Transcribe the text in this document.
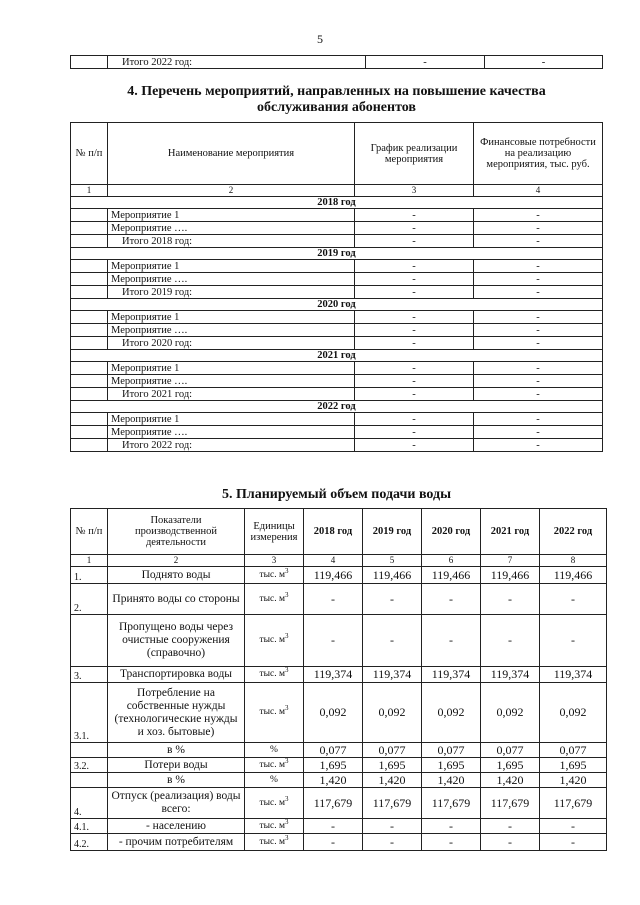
5
	Итого 2022 год:	-	-
4. Перечень мероприятий, направленных на повышение качества
обслуживания абонентов
№ п/п	Наименование мероприятия	График реализации мероприятия	Финансовые потребности на реализацию мероприятия, тыс. руб.
1	2	3	4
2018 год			
	Мероприятие 1	-	-
	Мероприятие ….	-	-
	Итого 2018 год:	-	-
2019 год			
	Мероприятие 1	-	-
	Мероприятие ….	-	-
	Итого 2019 год:	-	-
2020 год			
	Мероприятие 1	-	-
	Мероприятие ….	-	-
	Итого 2020 год:	-	-
2021 год			
	Мероприятие 1	-	-
	Мероприятие ….	-	-
	Итого 2021 год:	-	-
2022 год			
	Мероприятие 1	-	-
	Мероприятие ….	-	-
	Итого 2022 год:	-	-
5. Планируемый объем подачи воды
№ п/п	Показатели производственной деятельности	Единицы измерения	2018 год	2019 год	2020 год	2021 год	2022 год
1	2	3	4	5	6	7	8
1.	Поднято воды	тыс. $м^3$	119,466	119,466	119,466	119,466	119,466
2.	Принято воды со стороны	тыс. $м^3$	-	-	-	-	-
	Пропущено воды через очистные сооружения (справочно)	тыс. $м^3$	-	-	-	-	-
3.	Транспортировка воды	тыс. $м^3$	119,374	119,374	119,374	119,374	119,374
3.1.	Потребление на собственные нужды (технологические нужды и хоз. бытовые)	тыс. $м^3$	0,092	0,092	0,092	0,092	0,092
	в %	%	0,077	0,077	0,077	0,077	0,077
3.2.	Потери воды	тыс. $м^3$	1,695	1,695	1,695	1,695	1,695
	в %	%	1,420	1,420	1,420	1,420	1,420
4.	Отпуск (реализация) воды всего:	тыс. $м^3$	117,679	117,679	117,679	117,679	117,679
4.1.	- населению	тыс. $м^3$	-	-	-	-	-
4.2.	- прочим потребителям	тыс. $м^3$	-	-	-	-	-
